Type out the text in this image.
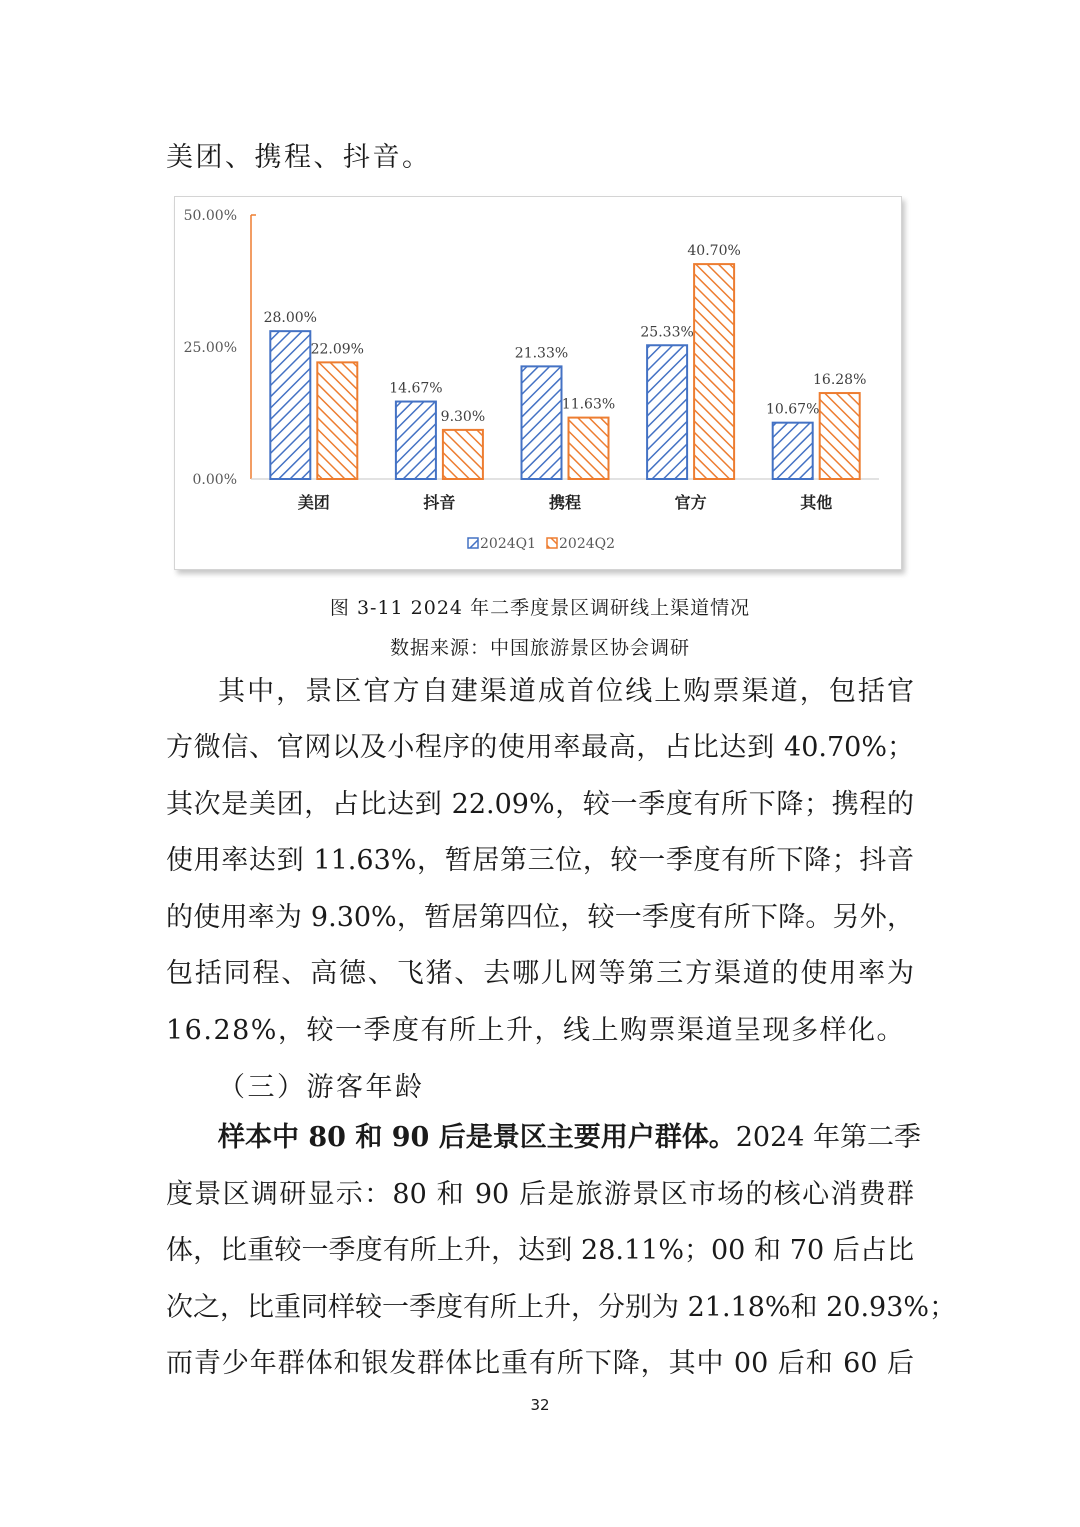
美团、携程、抖音。
0.00%
25.00%
50.00%
28.00%
22.09%
14.67%
9.30%
21.33%
11.63%
25.33%
40.70%
10.67%
16.28%
美团	抖音	携程	官方	其他
2024Q1 2024Q2
图 3-11 2024 年二季度景区调研线上渠道情况
数据来源：中国旅游景区协会调研
其中，景区官方自建渠道成首位线上购票渠道，包括官
方微信、官网以及小程序的使用率最高，占比达到 40.70%；
其次是美团，占比达到 22.09%，较一季度有所下降；携程的
使用率达到 11.63%，暂居第三位，较一季度有所下降；抖音
的使用率为 9.30%，暂居第四位，较一季度有所下降。另外，
包括同程、高德、飞猪、去哪儿网等第三方渠道的使用率为
16.28%，较一季度有所上升，线上购票渠道呈现多样化。
（三）游客年龄
样本中 80 和 90 后是景区主要用户群体。2024 年第二季
度景区调研显示：80 和 90 后是旅游景区市场的核心消费群
体，比重较一季度有所上升，达到 28.11%；00 和 70 后占比
次之，比重同样较一季度有所上升，分别为 21.18%和 20.93%；
而青少年群体和银发群体比重有所下降，其中 00 后和 60 后
32
